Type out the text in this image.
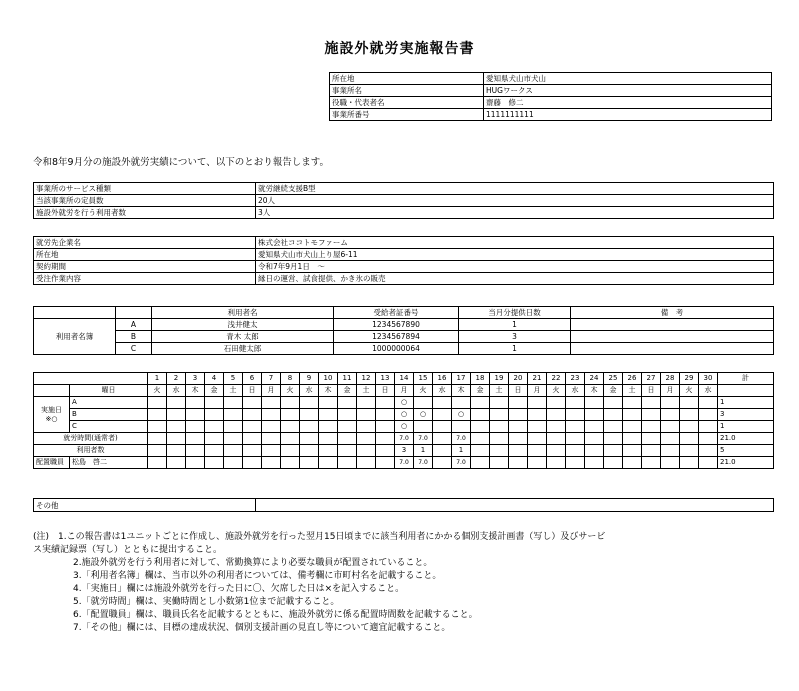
施設外就労実施報告書
所在地	愛知県犬山市犬山
事業所名	HUGワークス
役職・代表者名	齋藤　修二
事業所番号	1111111111
令和8年9月分の施設外就労実績について、以下のとおり報告します。
事業所のサービス種類	就労継続支援B型
当該事業所の定員数	20人
施設外就労を行う利用者数	3人
就労先企業名	株式会社ココトモファーム
所在地	愛知県犬山市犬山上り屋6-11
契約期間	令和7年9月1日　～
受注作業内容	縁日の運営、試食提供、かき氷の販売
		利用者名	受給者証番号	当月分提供日数	備　考
利用者名簿	A	浅井健太	1234567890	1	
	B	青木 太郎	1234567894	3	
	C	石田健太郎	1000000064	1	
		1	2	3	4	5	6	7	8	9	10	11	12	13	14	15	16	17	18	19	20	21	22	23	24	25	26	27	28	29	30	計
	曜日	火	水	木	金	土	日	月	火	水	木	金	土	日	月	火	水	木	金	土	日	月	火	水	木	金	土	日	月	火	水	
実施日
※○	A														○																	1
	B														○	○		○														3
	C														○																	1
就労時間(通常者)															7.0	7.0		7.0														21.0
利用者数															3	1		1														5
配置職員	松島　啓二														7.0	7.0		7.0														21.0
その他	
(注)　1.この報告書は1ユニットごとに作成し、施設外就労を行った翌月15日頃までに該当利用者にかかる個別支援計画書（写し）及びサービ
ス実績記録票（写し）とともに提出すること。
2.施設外就労を行う利用者に対して、常勤換算により必要な職員が配置されていること。
3.「利用者名簿」欄は、当市以外の利用者については、備考欄に市町村名を記載すること。
4.「実施日」欄には施設外就労を行った日に〇、欠席した日は×を記入すること。
5.「就労時間」欄は、実働時間とし小数第1位まで記載すること。
6.「配置職員」欄は、職員氏名を記載するとともに、施設外就労に係る配置時間数を記載すること。
7.「その他」欄には、目標の達成状況、個別支援計画の見直し等について適宜記載すること。
